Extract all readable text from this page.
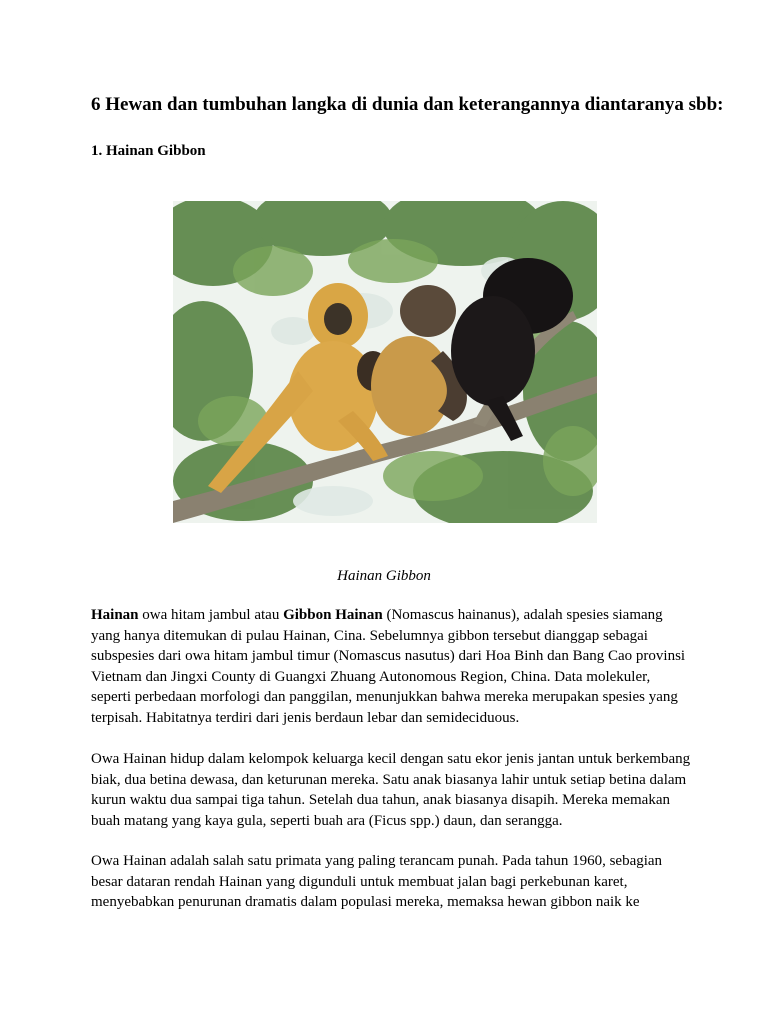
6 Hewan dan tumbuhan langka di dunia dan keterangannya diantaranya sbb:
1. Hainan Gibbon
Hainan Gibbon

Hainan owa hitam jambul atau Gibbon Hainan (Nomascus hainanus), adalah spesies siamang yang hanya ditemukan di pulau Hainan, Cina. Sebelumnya gibbon tersebut dianggap sebagai subspesies dari owa hitam jambul timur (Nomascus nasutus) dari Hoa Binh dan Bang Cao provinsi Vietnam dan Jingxi County di Guangxi Zhuang Autonomous Region, China. Data molekuler, seperti perbedaan morfologi dan panggilan, menunjukkan bahwa mereka merupakan spesies yang terpisah. Habitatnya terdiri dari jenis berdaun lebar dan semideciduous.

Owa Hainan hidup dalam kelompok keluarga kecil dengan satu ekor jenis jantan untuk berkembang biak, dua betina dewasa, dan keturunan mereka. Satu anak biasanya lahir untuk setiap betina dalam kurun waktu dua sampai tiga tahun. Setelah dua tahun, anak biasanya disapih. Mereka memakan buah matang yang kaya gula, seperti buah ara (Ficus spp.) daun, dan serangga.

Owa Hainan adalah salah satu primata yang paling terancam punah. Pada tahun 1960, sebagian besar dataran rendah Hainan yang digunduli untuk membuat jalan bagi perkebunan karet, menyebabkan penurunan dramatis dalam populasi mereka, memaksa hewan gibbon naik ke
